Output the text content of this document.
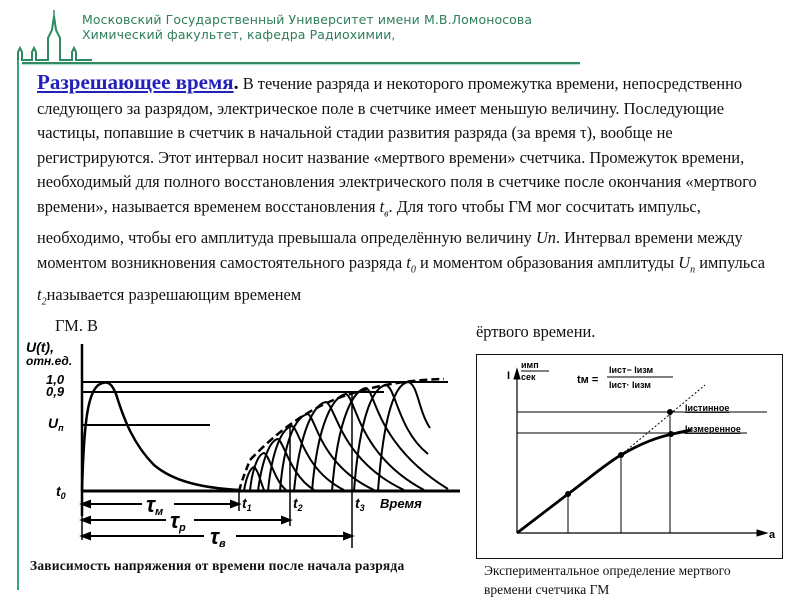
Московский Государственный Университет имени М.В.Ломоносова
Химический факультет, кафедра Радиохимии,
Разрешающее время. В течение разряда и некоторого промежутка времени, непосредственно следующего за разрядом, электрическое поле в счетчике имеет меньшую величину. Последующие частицы, попавшие в счетчик в начальной стадии развития разряда (за время τ), вообще не регистрируются. Этот интервал носит название «мертвого времени» счетчика. Промежуток времени, необходимый для полного восстановления электрического поля в счетчике после окончания «мертвого времени», называется временем восстановления $t_в$. Для того чтобы ГМ мог сосчитать импульс, необходимо, чтобы его амплитуда превышала определённую величину Un. Интервал времени между моментом возникновения самостоятельного разряда $t_0$ и моментом образования амплитуды $U_n$ импульса $t_2называется$ разрешающим временем
ГМ. В	ёртвого времени.
U(t),
отн.ед.
1,0
0,9
$U_п$
$t_0$	$t_1$	$t_2$	$t_3$ Время
τм τр τв
Зависимость напряжения от времени после начала разряда
I
имп
сек	tм =
Iист− Iизм
Iист· Iизм
Iистинное
Iизмеренное
a
Экспериментальное определение мертвого
времени счетчика ГМ
